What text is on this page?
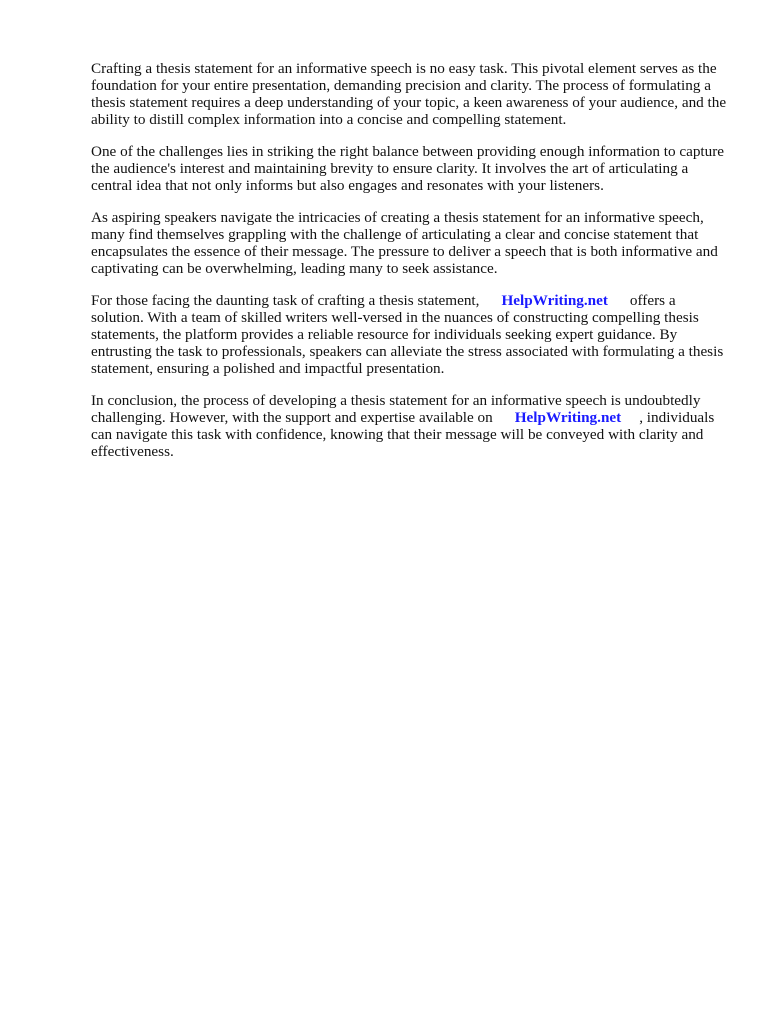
Crafting a thesis statement for an informative speech is no easy task. This pivotal element serves as the foundation for your entire presentation, demanding precision and clarity. The process of formulating a thesis statement requires a deep understanding of your topic, a keen awareness of your audience, and the ability to distill complex information into a concise and compelling statement.

One of the challenges lies in striking the right balance between providing enough information to capture the audience's interest and maintaining brevity to ensure clarity. It involves the art of articulating a central idea that not only informs but also engages and resonates with your listeners.

As aspiring speakers navigate the intricacies of creating a thesis statement for an informative speech, many find themselves grappling with the challenge of articulating a clear and concise statement that encapsulates the essence of their message. The pressure to deliver a speech that is both informative and captivating can be overwhelming, leading many to seek assistance.

For those facing the daunting task of crafting a thesis statement, HelpWriting.net offers a solution. With a team of skilled writers well-versed in the nuances of constructing compelling thesis statements, the platform provides a reliable resource for individuals seeking expert guidance. By entrusting the task to professionals, speakers can alleviate the stress associated with formulating a thesis statement, ensuring a polished and impactful presentation.

In conclusion, the process of developing a thesis statement for an informative speech is undoubtedly challenging. However, with the support and expertise available on HelpWriting.net , individuals can navigate this task with confidence, knowing that their message will be conveyed with clarity and effectiveness.
